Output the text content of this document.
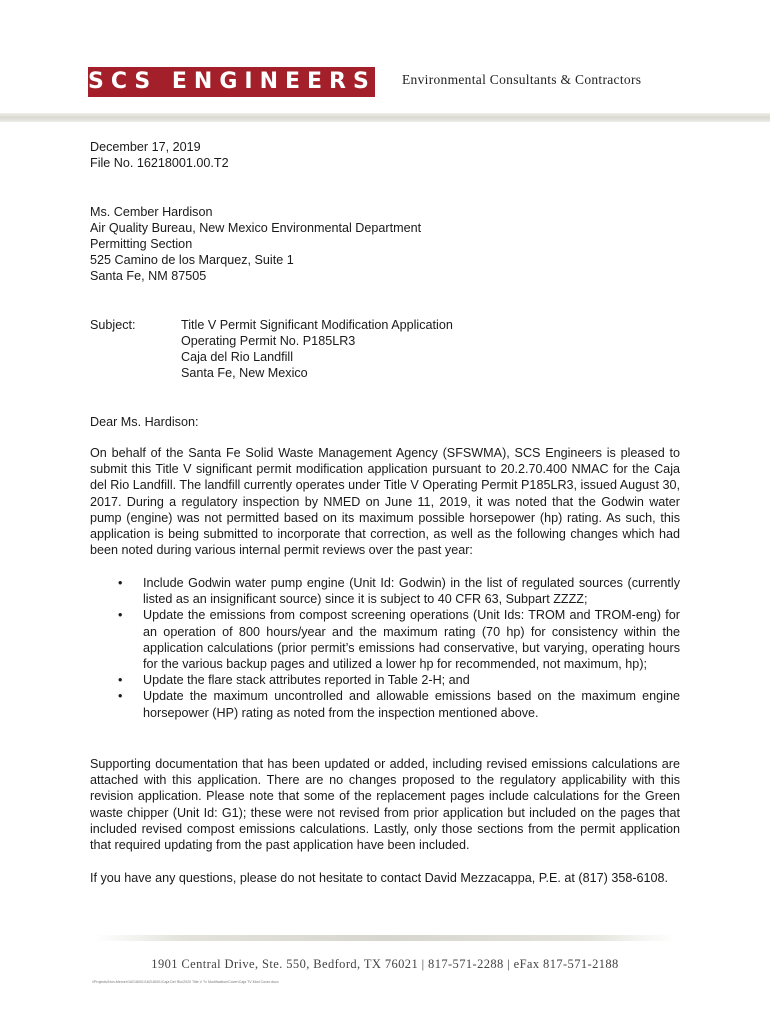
SCS ENGINEERS Environmental Consultants & Contractors
December 17, 2019
File No. 16218001.00.T2
Ms. Cember Hardison
Air Quality Bureau, New Mexico Environmental Department
Permitting Section
525 Camino de los Marquez, Suite 1
Santa Fe, NM 87505
Subject:	Title V Permit Significant Modification Application
Operating Permit No. P185LR3
Caja del Rio Landfill
Santa Fe, New Mexico
Dear Ms. Hardison:
On behalf of the Santa Fe Solid Waste Management Agency (SFSWMA), SCS Engineers is pleased to submit this Title V significant permit modification application pursuant to 20.2.70.400 NMAC for the Caja del Rio Landfill. The landfill currently operates under Title V Operating Permit P185LR3, issued August 30, 2017. During a regulatory inspection by NMED on June 11, 2019, it was noted that the Godwin water pump (engine) was not permitted based on its maximum possible horsepower (hp) rating. As such, this application is being submitted to incorporate that correction, as well as the following changes which had been noted during various internal permit reviews over the past year:
• Include Godwin water pump engine (Unit Id: Godwin) in the list of regulated sources (currently listed as an insignificant source) since it is subject to 40 CFR 63, Subpart ZZZZ;
• Update the emissions from compost screening operations (Unit Ids: TROM and TROM-eng) for an operation of 800 hours/year and the maximum rating (70 hp) for consistency within the application calculations (prior permit’s emissions had conservative, but varying, operating hours for the various backup pages and utilized a lower hp for recommended, not maximum, hp);
• Update the flare stack attributes reported in Table 2-H; and
• Update the maximum uncontrolled and allowable emissions based on the maximum engine horsepower (HP) rating as noted from the inspection mentioned above.
Supporting documentation that has been updated or added, including revised emissions calculations are attached with this application. There are no changes proposed to the regulatory applicability with this revision application. Please note that some of the replacement pages include calculations for the Green waste chipper (Unit Id: G1); these were not revised from prior application but included on the pages that included revised compost emissions calculations. Lastly, only those sections from the permit application that required updating from the past application have been included.
If you have any questions, please do not hesitate to contact David Mezzacappa, P.E. at (817) 358-6108.
1901 Central Drive, Ste. 550, Bedford, TX 76021 | 817-571-2288 | eFax 817-571-2188
\\Projects\Non-Mercer\16218001\16218001\Caja Del Rio\2020 Title V Tv Modification\Cover\Caja TV Mod Cover.docx
